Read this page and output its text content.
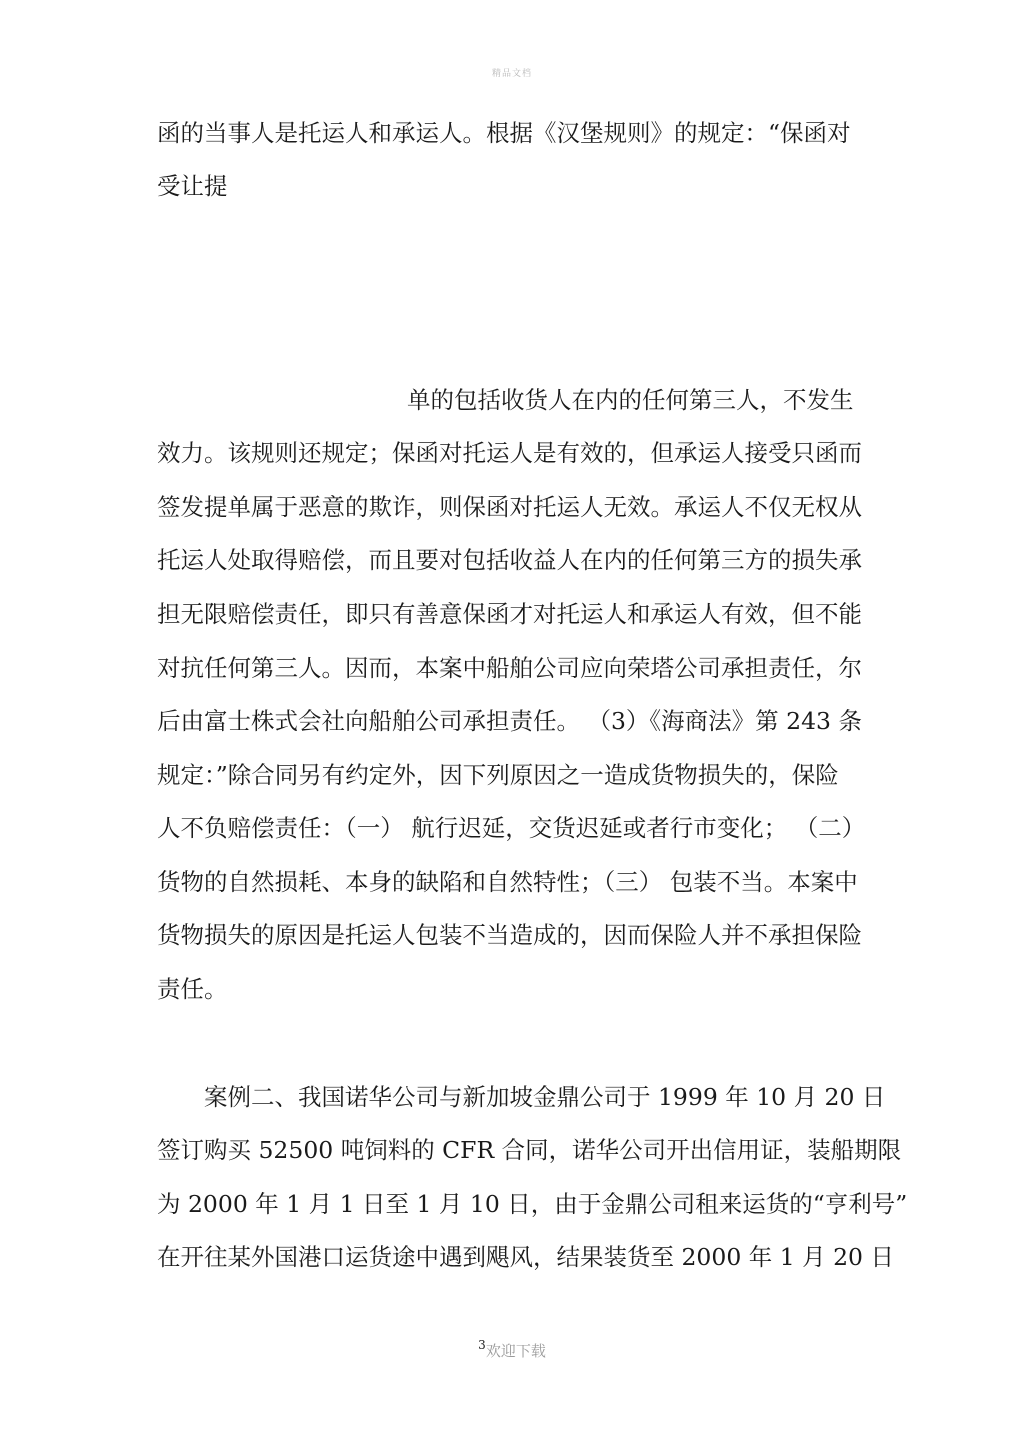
精品文档
函的当事人是托运人和承运人。根据《汉堡规则》的规定：“保函对
受让提
单的包括收货人在内的任何第三人，不发生
效力。该规则还规定；保函对托运人是有效的，但承运人接受只函而
签发提单属于恶意的欺诈，则保函对托运人无效。承运人不仅无权从
托运人处取得赔偿，而且要对包括收益人在内的任何第三方的损失承
担无限赔偿责任，即只有善意保函才对托运人和承运人有效，但不能
对抗任何第三人。因而，本案中船舶公司应向荣塔公司承担责任，尔
后由富士株式会社向船舶公司承担责任。 （3）《海商法》第 243 条
规定：”除合同另有约定外，因下列原因之一造成货物损失的，保险
人不负赔偿责任：（一） 航行迟延，交货迟延或者行市变化； （二）
货物的自然损耗、本身的缺陷和自然特性；（三） 包装不当。本案中
货物损失的原因是托运人包装不当造成的，因而保险人并不承担保险
责任。
案例二、我国诺华公司与新加坡金鼎公司于 1999 年 10 月 20 日
签订购买 52500 吨饲料的 CFR 合同，诺华公司开出信用证，装船期限
为 2000 年 1 月 1 日至 1 月 10 日，由于金鼎公司租来运货的“亨利号”
在开往某外国港口运货途中遇到飓风，结果装货至 2000 年 1 月 20 日
$^3$欢迎下载
